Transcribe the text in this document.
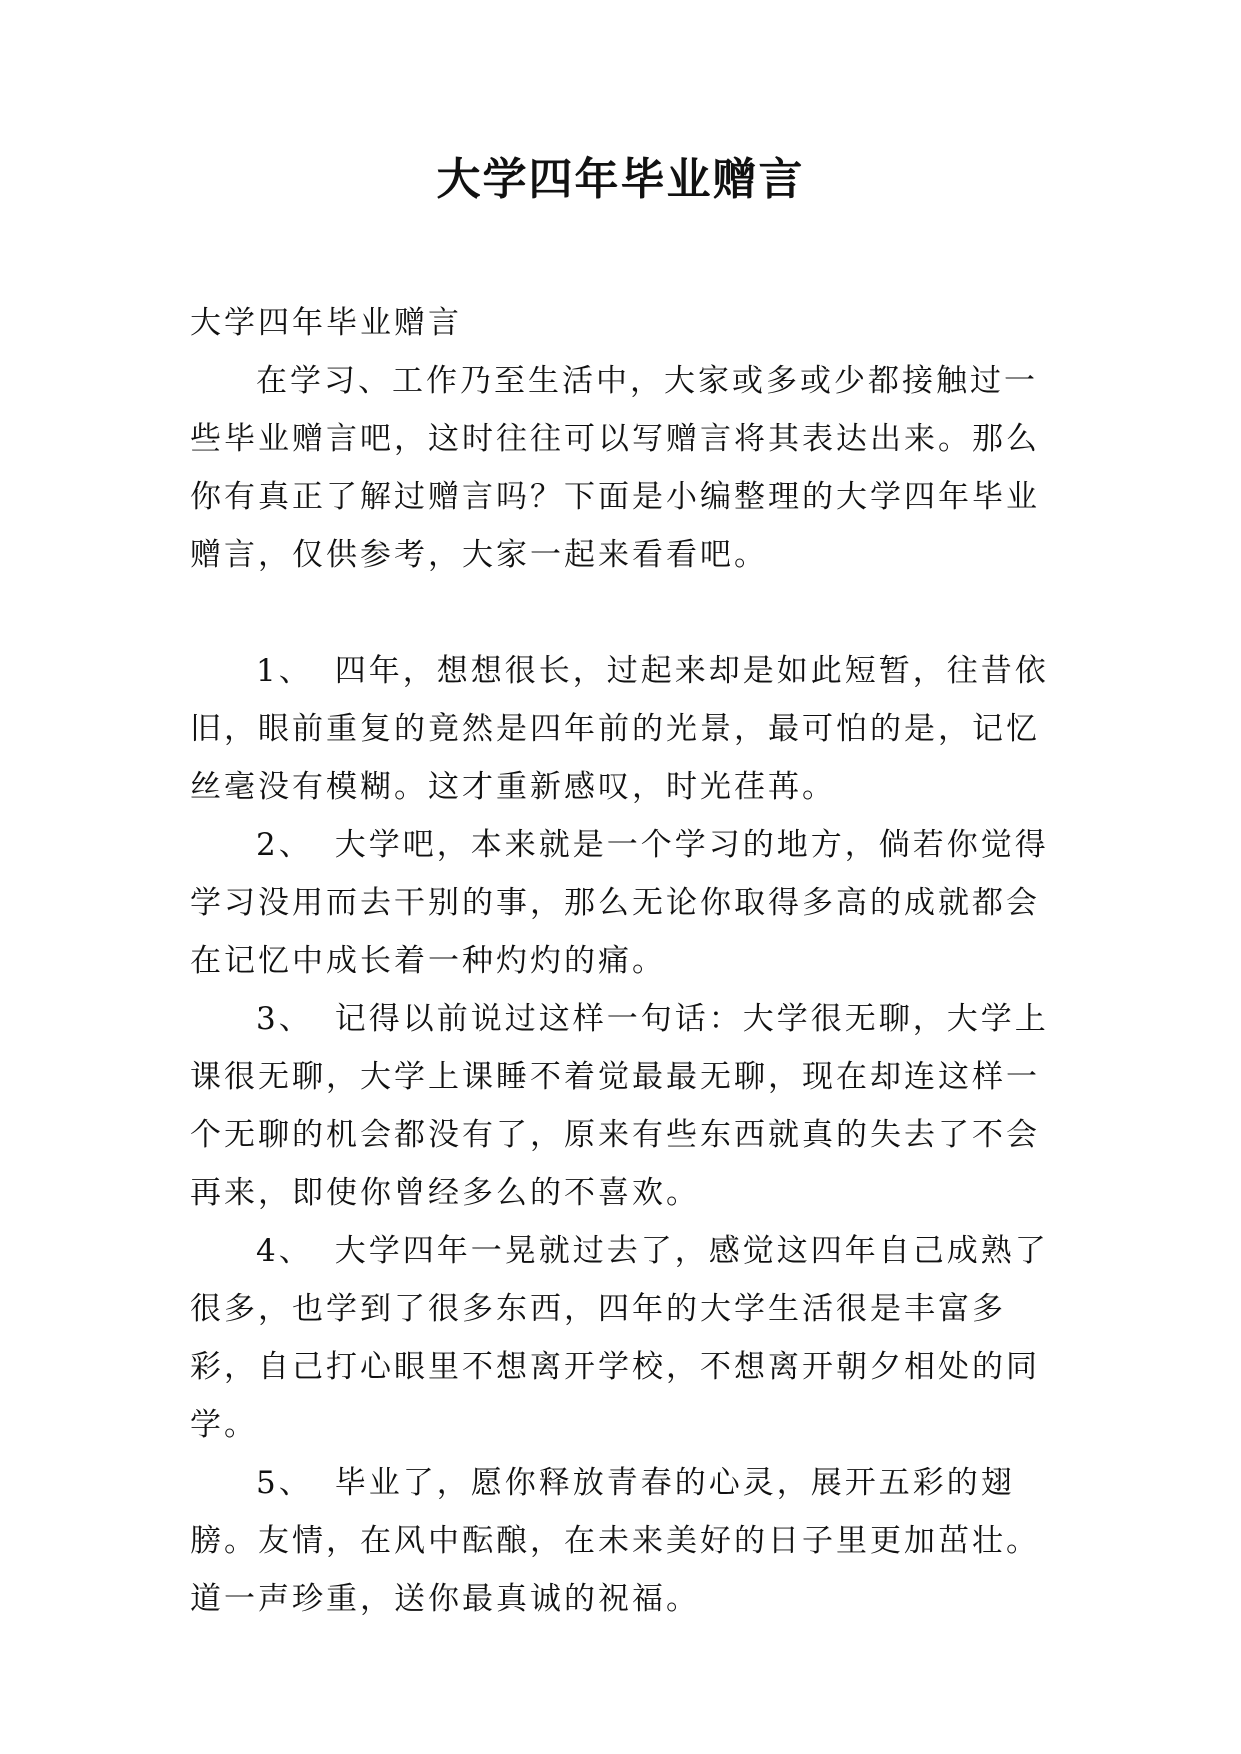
大学四年毕业赠言

大学四年毕业赠言

在学习、工作乃至生活中，大家或多或少都接触过一些毕业赠言吧，这时往往可以写赠言将其表达出来。那么你有真正了解过赠言吗？下面是小编整理的大学四年毕业赠言，仅供参考，大家一起来看看吧。

1、 四年，想想很长，过起来却是如此短暂，往昔依旧，眼前重复的竟然是四年前的光景，最可怕的是，记忆丝毫没有模糊。这才重新感叹，时光荏苒。

2、 大学吧，本来就是一个学习的地方，倘若你觉得学习没用而去干别的事，那么无论你取得多高的成就都会在记忆中成长着一种灼灼的痛。

3、 记得以前说过这样一句话：大学很无聊，大学上课很无聊，大学上课睡不着觉最最无聊，现在却连这样一个无聊的机会都没有了，原来有些东西就真的失去了不会再来，即使你曾经多么的不喜欢。

4、 大学四年一晃就过去了，感觉这四年自己成熟了很多，也学到了很多东西，四年的大学生活很是丰富多彩，自己打心眼里不想离开学校，不想离开朝夕相处的同学。

5、 毕业了，愿你释放青春的心灵，展开五彩的翅膀。友情，在风中酝酿，在未来美好的日子里更加茁壮。道一声珍重，送你最真诚的祝福。
